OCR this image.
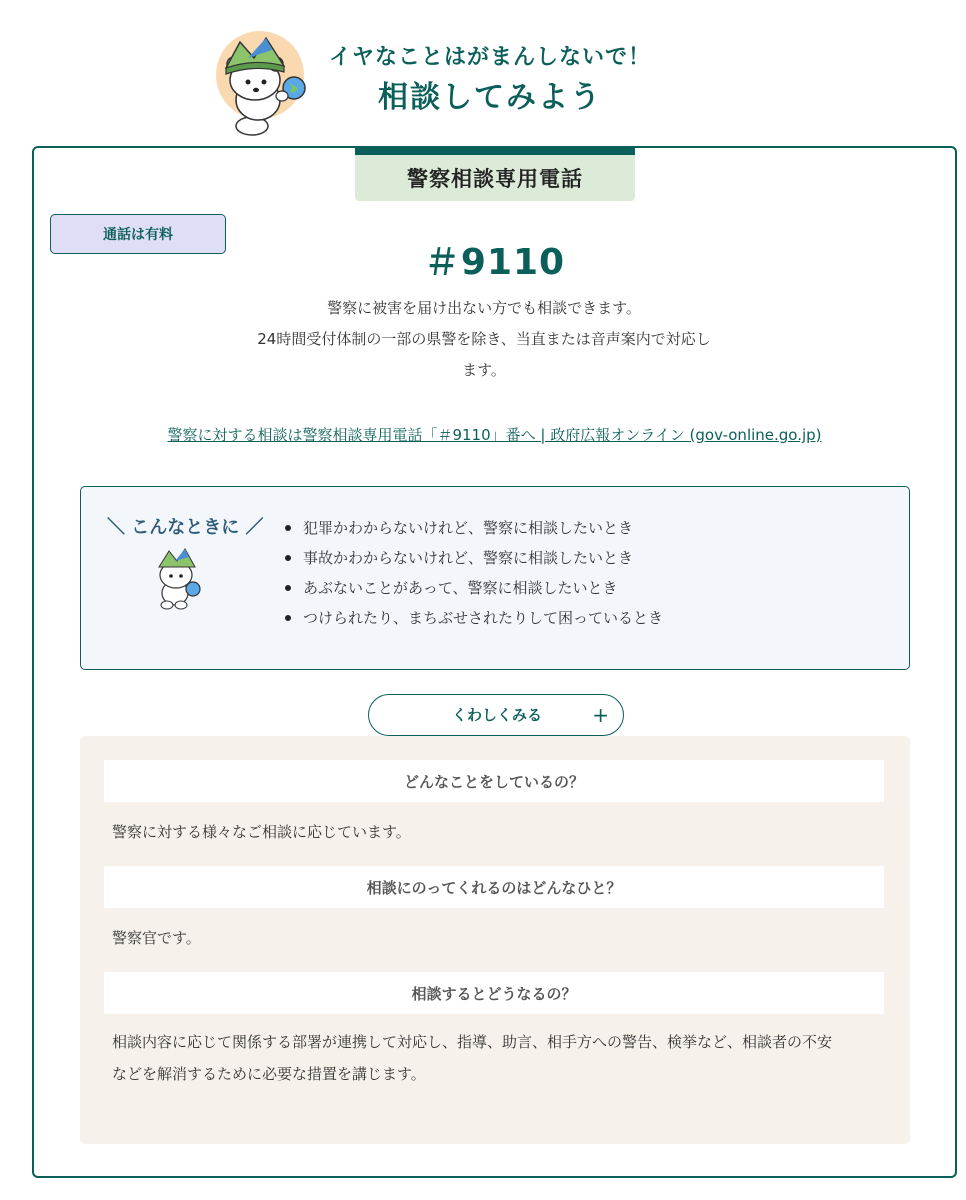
イヤなことはがまんしないで！
相談してみよう
警察相談専用電話
通話は有料
＃9110
警察に被害を届け出ない方でも相談できます。
24時間受付体制の一部の県警を除き、当直または音声案内で対応し
ます。
警察に対する相談は警察相談専用電話「＃9110」番へ | 政府広報オンライン (gov-online.go.jp)
＼ こんなときに ／	犯罪かわからないけれど、警察に相談したいとき
事故かわからないけれど、警察に相談したいとき
あぶないことがあって、警察に相談したいとき
つけられたり、まちぶせされたりして困っているとき
くわしくみる	+
どんなことをしているの？
警察に対する様々なご相談に応じています。
相談にのってくれるのはどんなひと？
警察官です。
相談するとどうなるの？
相談内容に応じて関係する部署が連携して対応し、指導、助言、相手方への警告、検挙など、相談者の不安
などを解消するために必要な措置を講じます。
